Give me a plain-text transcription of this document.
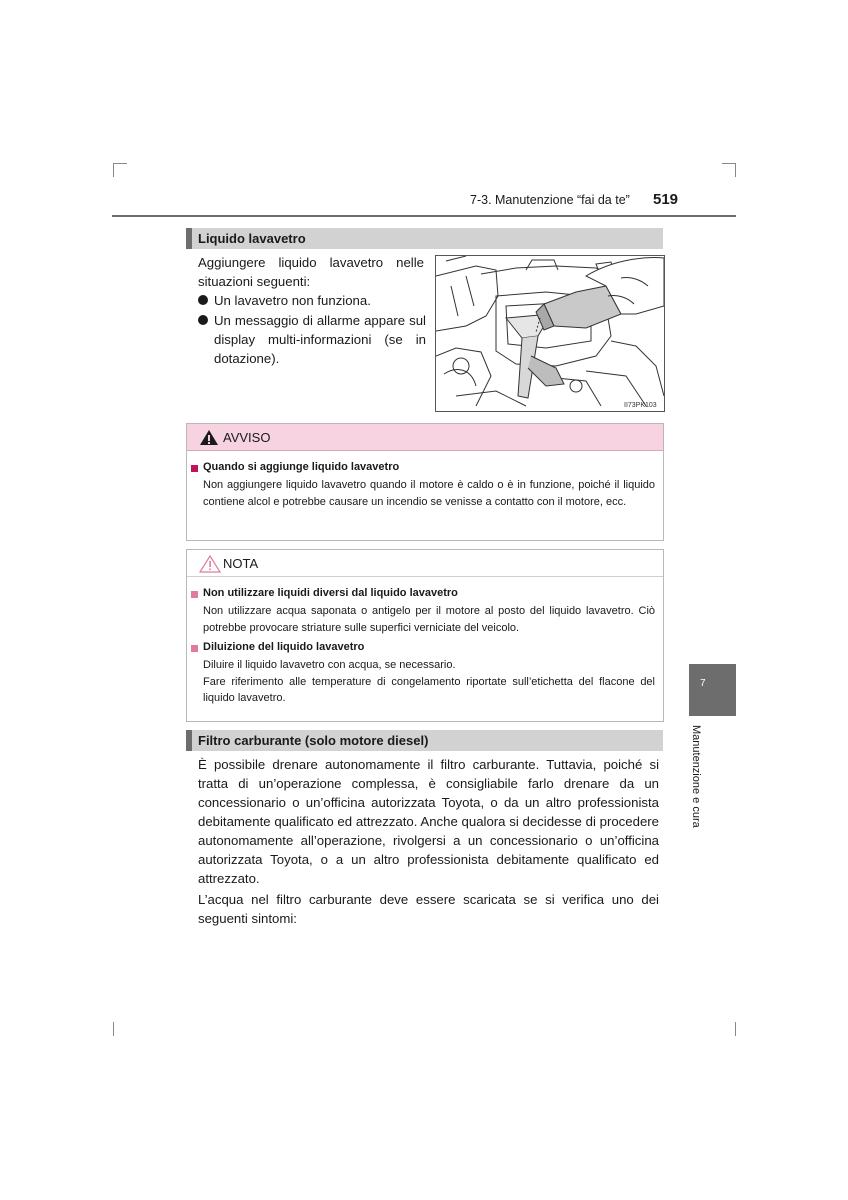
7-3. Manutenzione “fai da te” 519
Liquido lavavetro
Aggiungere liquido lavavetro nelle situazioni seguenti:
Un lavavetro non funziona.
Un messaggio di allarme appare sul display multi-informazioni (se in dotazione).
II73PK103
AVVISO
Quando si aggiunge liquido lavavetro
Non aggiungere liquido lavavetro quando il motore è caldo o è in funzione, poiché il liquido contiene alcol e potrebbe causare un incendio se venisse a contatto con il motore, ecc.
NOTA
Non utilizzare liquidi diversi dal liquido lavavetro
Non utilizzare acqua saponata o antigelo per il motore al posto del liquido lavavetro. Ciò potrebbe provocare striature sulle superfici verniciate del veicolo.
Diluizione del liquido lavavetro
Diluire il liquido lavavetro con acqua, se necessario.
Fare riferimento alle temperature di congelamento riportate sull’etichetta del flacone del liquido lavavetro.
Filtro carburante (solo motore diesel)
È possibile drenare autonomamente il filtro carburante. Tuttavia, poiché si tratta di un’operazione complessa, è consigliabile farlo drenare da un concessionario o un’officina autorizzata Toyota, o da un altro professionista debitamente qualificato ed attrezzato. Anche qualora si decidesse di procedere autonomamente all’operazione, rivolgersi a un concessionario o un’officina autorizzata Toyota, o a un altro professionista debitamente qualificato ed attrezzato.
L’acqua nel filtro carburante deve essere scaricata se si verifica uno dei seguenti sintomi:
7
Manutenzione e cura
